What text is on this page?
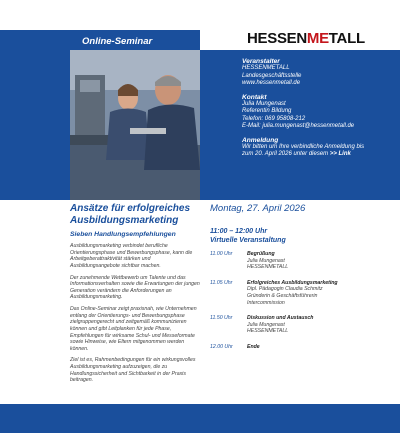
HESSENMETALL
Online-Seminar
Veranstalter
HESSENMETALL
Landesgeschäftsstelle
www.hessenmetall.de
Kontakt
Julia Mungenast
Referentin Bildung
Telefon: 069 95808-212
E-Mail: julia.mungenast@hessenmetall.de
Anmeldung
Wir bitten um Ihre verbindliche Anmeldung bis
zum 20. April 2026 unter diesem >> Link
Ansätze für erfolgreiches Ausbildungsmarketing
Sieben Handlungsempfehlungen

Ausbildungsmarketing verbindet berufliche Orientierungsphase und Bewerbungsphase, kann die Arbeitgeberattraktivität stärken und Ausbildungsangebote sichtbar machen.

Der zunehmende Wettbewerb um Talente und das Informationsverhalten sowie die Erwartungen der jungen Generation verändern die Anforderungen an Ausbildungsmarketing.

Das Online-Seminar zeigt praxisnah, wie Unternehmen entlang der Orientierungs- und Bewerbungsphase zielgruppengerecht und zeitgemäß kommunizieren können und gibt Leitplanken für jede Phase, Empfehlungen für wirksame Schul- und Messeformate sowie Hinweise, wie Eltern mitgenommen werden können.

Ziel ist es, Rahmenbedingungen für ein wirkungsvolles Ausbildungsmarketing aufzuzeigen, die zu Handlungssicherheit und Sichtbarkeit in der Praxis beitragen.

Montag, 27. April 2026
11:00 – 12:00 Uhr
Virtuelle Veranstaltung
11.00 Uhr	Begrüßung
Julia Mungenast
HESSENMETALL
11.05 Uhr	Erfolgreiches Ausbildungsmarketing
Dipl. Pädagogin Claudia Schmitz
Gründerin & Geschäftsführerin
Intercommission
11.50 Uhr	Diskussion und Austausch
Julia Mungenast
HESSENMETALL
12.00 Uhr	Ende
